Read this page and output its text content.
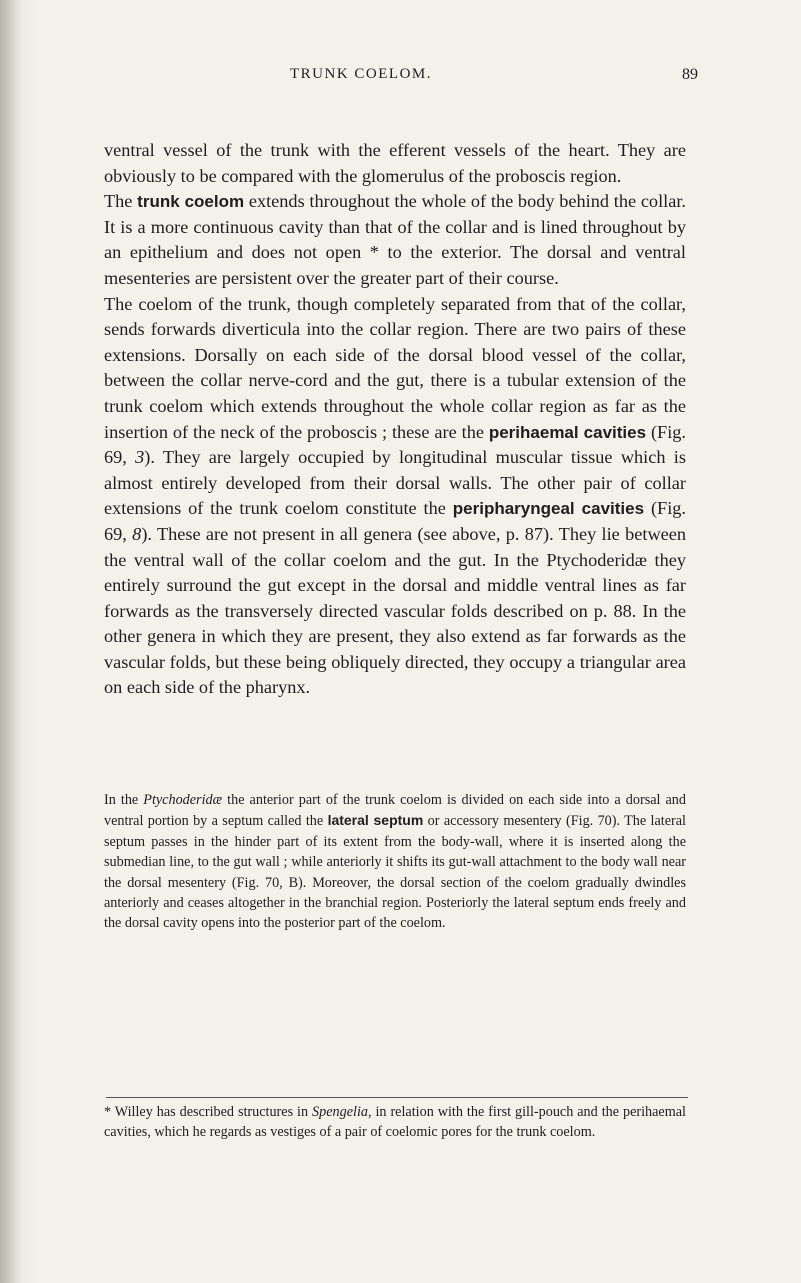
TRUNK COELOM.	89

ventral vessel of the trunk with the efferent vessels of the heart. They are obviously to be compared with the glomerulus of the proboscis region.

The trunk coelom extends throughout the whole of the body behind the collar. It is a more continuous cavity than that of the collar and is lined throughout by an epithelium and does not open * to the exterior. The dorsal and ventral mesenteries are persistent over the greater part of their course.

The coelom of the trunk, though completely separated from that of the collar, sends forwards diverticula into the collar region. There are two pairs of these extensions. Dorsally on each side of the dorsal blood vessel of the collar, between the collar nerve-cord and the gut, there is a tubular extension of the trunk coelom which extends throughout the whole collar region as far as the insertion of the neck of the proboscis ; these are the perihaemal cavities (Fig. 69, 3). They are largely occupied by longitudinal muscular tissue which is almost entirely developed from their dorsal walls. The other pair of collar extensions of the trunk coelom constitute the peripharyngeal cavities (Fig. 69, 8). These are not present in all genera (see above, p. 87). They lie between the ventral wall of the collar coelom and the gut. In the Ptychoderidæ they entirely surround the gut except in the dorsal and middle ventral lines as far forwards as the transversely directed vascular folds described on p. 88. In the other genera in which they are present, they also extend as far forwards as the vascular folds, but these being obliquely directed, they occupy a triangular area on each side of the pharynx.

In the Ptychoderidæ the anterior part of the trunk coelom is divided on each side into a dorsal and ventral portion by a septum called the lateral septum or accessory mesentery (Fig. 70). The lateral septum passes in the hinder part of its extent from the body-wall, where it is inserted along the submedian line, to the gut wall ; while anteriorly it shifts its gut-wall attachment to the body wall near the dorsal mesentery (Fig. 70, B). Moreover, the dorsal section of the coelom gradually dwindles anteriorly and ceases altogether in the branchial region. Posteriorly the lateral septum ends freely and the dorsal cavity opens into the posterior part of the coelom.

* Willey has described structures in Spengelia, in relation with the first gill-pouch and the perihaemal cavities, which he regards as vestiges of a pair of coelomic pores for the trunk coelom.
